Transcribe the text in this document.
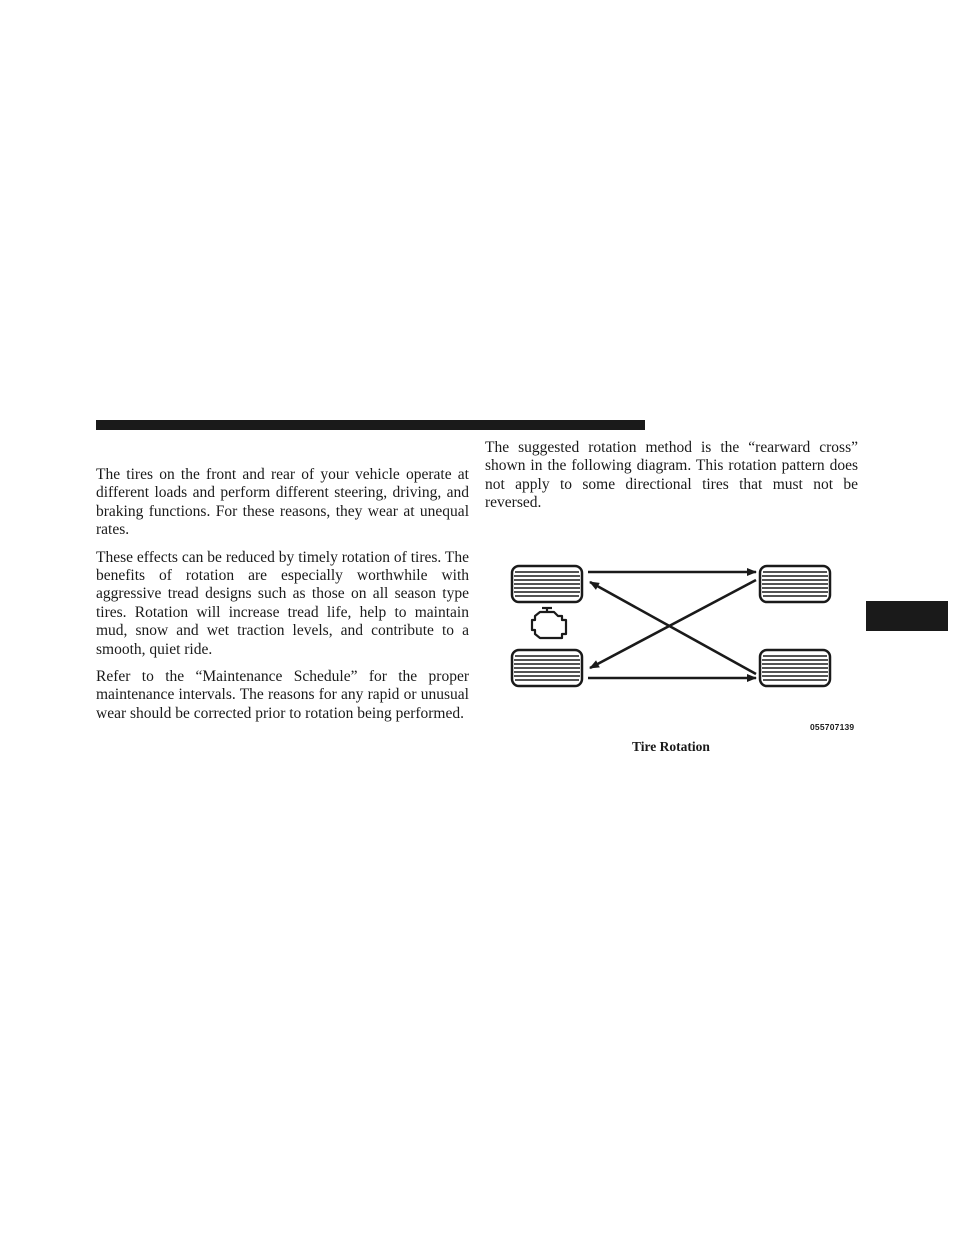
The tires on the front and rear of your vehicle operate at different loads and perform different steering, driving, and braking functions. For these reasons, they wear at unequal rates.

These effects can be reduced by timely rotation of tires. The benefits of rotation are especially worthwhile with aggressive tread designs such as those on all season type tires. Rotation will increase tread life, help to maintain mud, snow and wet traction levels, and contribute to a smooth, quiet ride.

Refer to the “Maintenance Schedule” for the proper maintenance intervals. The reasons for any rapid or unusual wear should be corrected prior to rotation being performed.

The suggested rotation method is the “rearward cross” shown in the following diagram. This rotation pattern does not apply to some directional tires that must not be reversed.

055707139
Tire Rotation
